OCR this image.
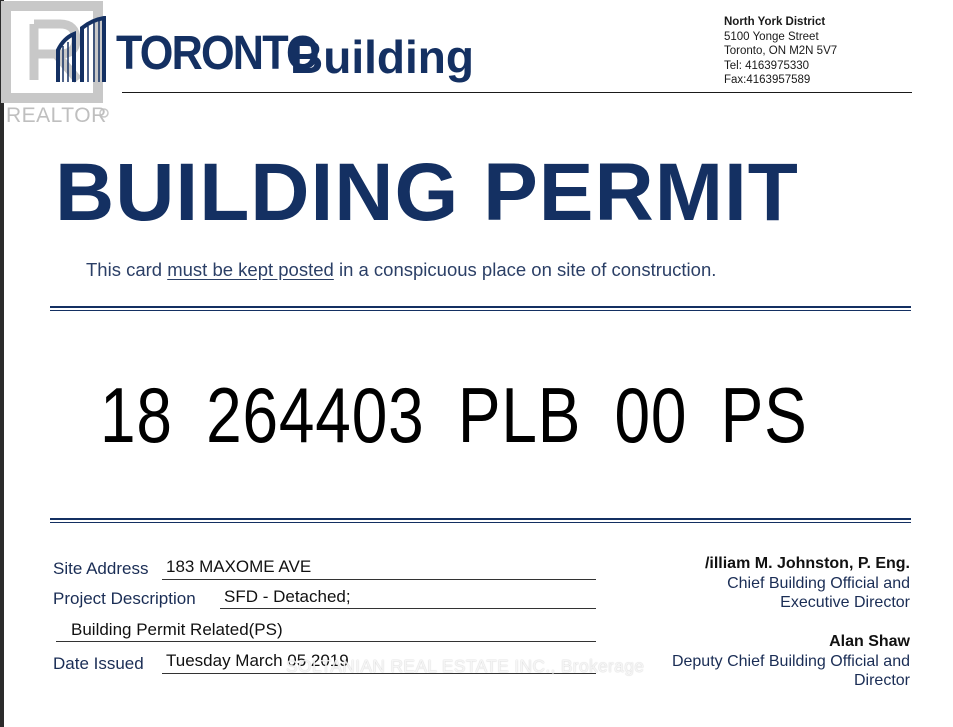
REALTOR
TORONTO
Building
North York District
5100 Yonge Street
Toronto, ON M2N 5V7
Tel: 4163975330
Fax:4163957589
BUILDING PERMIT
This card must be kept posted in a conspicuous place on site of construction.
18 264403 PLB 00 PS
Site Address 183 MAXOME AVE
Project Description SFD - Detached;
Building Permit Related(PS)
Date Issued Tuesday March 05 2019
/illiam M. Johnston, P. Eng.
Chief Building Official and
Executive Director
Alan Shaw
Deputy Chief Building Official and
Director
SOLTANIAN REAL ESTATE INC., Brokerage
